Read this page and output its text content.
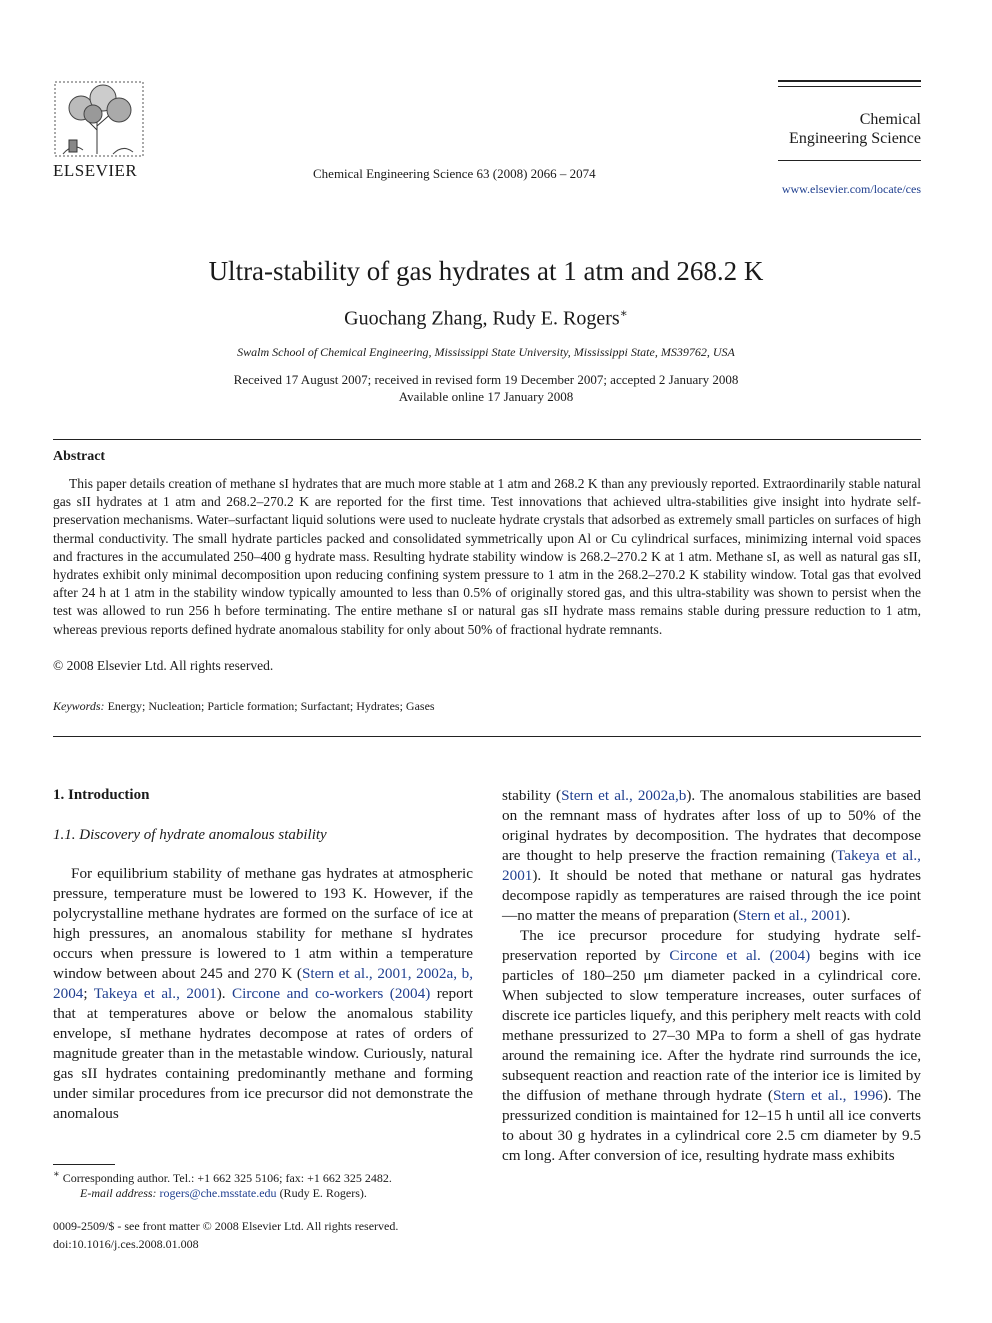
ELSEVIER	Chemical Engineering Science 63 (2008) 2066 – 2074
Chemical
Engineering Science
www.elsevier.com/locate/ces
Ultra-stability of gas hydrates at 1 atm and 268.2 K
Guochang Zhang, Rudy E. Rogers∗
Swalm School of Chemical Engineering, Mississippi State University, Mississippi State, MS39762, USA
Received 17 August 2007; received in revised form 19 December 2007; accepted 2 January 2008
Available online 17 January 2008
Abstract
This paper details creation of methane sI hydrates that are much more stable at 1 atm and 268.2 K than any previously reported. Extraordinarily stable natural gas sII hydrates at 1 atm and 268.2–270.2 K are reported for the first time. Test innovations that achieved ultra-stabilities give insight into hydrate self-preservation mechanisms. Water–surfactant liquid solutions were used to nucleate hydrate crystals that adsorbed as extremely small particles on surfaces of high thermal conductivity. The small hydrate particles packed and consolidated symmetrically upon Al or Cu cylindrical surfaces, minimizing internal void spaces and fractures in the accumulated 250–400 g hydrate mass. Resulting hydrate stability window is 268.2–270.2 K at 1 atm. Methane sI, as well as natural gas sII, hydrates exhibit only minimal decomposition upon reducing confining system pressure to 1 atm in the 268.2–270.2 K stability window. Total gas that evolved after 24 h at 1 atm in the stability window typically amounted to less than 0.5% of originally stored gas, and this ultra-stability was shown to persist when the test was allowed to run 256 h before terminating. The entire methane sI or natural gas sII hydrate mass remains stable during pressure reduction to 1 atm, whereas previous reports defined hydrate anomalous stability for only about 50% of fractional hydrate remnants.
© 2008 Elsevier Ltd. All rights reserved.
Keywords: Energy; Nucleation; Particle formation; Surfactant; Hydrates; Gases
1. Introduction
1.1. Discovery of hydrate anomalous stability
For equilibrium stability of methane gas hydrates at atmospheric pressure, temperature must be lowered to 193 K. However, if the polycrystalline methane hydrates are formed on the surface of ice at high pressures, an anomalous stability for methane sI hydrates occurs when pressure is lowered to 1 atm within a temperature window between about 245 and 270 K (Stern et al., 2001, 2002a, b, 2004; Takeya et al., 2001). Circone and co-workers (2004) report that at temperatures above or below the anomalous stability envelope, sI methane hydrates decompose at rates of orders of magnitude greater than in the metastable window. Curiously, natural gas sII hydrates containing predominantly methane and forming under similar procedures from ice precursor did not demonstrate the anomalous
∗ Corresponding author. Tel.: +1 662 325 5106; fax: +1 662 325 2482.
E-mail address: rogers@che.msstate.edu (Rudy E. Rogers).
0009-2509/$ - see front matter © 2008 Elsevier Ltd. All rights reserved.
doi:10.1016/j.ces.2008.01.008
stability (Stern et al., 2002a,b). The anomalous stabilities are based on the remnant mass of hydrates after loss of up to 50% of the original hydrates by decomposition. The hydrates that decompose are thought to help preserve the fraction remaining (Takeya et al., 2001). It should be noted that methane or natural gas hydrates decompose rapidly as temperatures are raised through the ice point—no matter the means of preparation (Stern et al., 2001).
The ice precursor procedure for studying hydrate self-preservation reported by Circone et al. (2004) begins with ice particles of 180–250 μm diameter packed in a cylindrical core. When subjected to slow temperature increases, outer surfaces of discrete ice particles liquefy, and this periphery melt reacts with cold methane pressurized to 27–30 MPa to form a shell of gas hydrate around the remaining ice. After the hydrate rind surrounds the ice, subsequent reaction and reaction rate of the interior ice is limited by the diffusion of methane through hydrate (Stern et al., 1996). The pressurized condition is maintained for 12–15 h until all ice converts to about 30 g hydrates in a cylindrical core 2.5 cm diameter by 9.5 cm long. After conversion of ice, resulting hydrate mass exhibits
